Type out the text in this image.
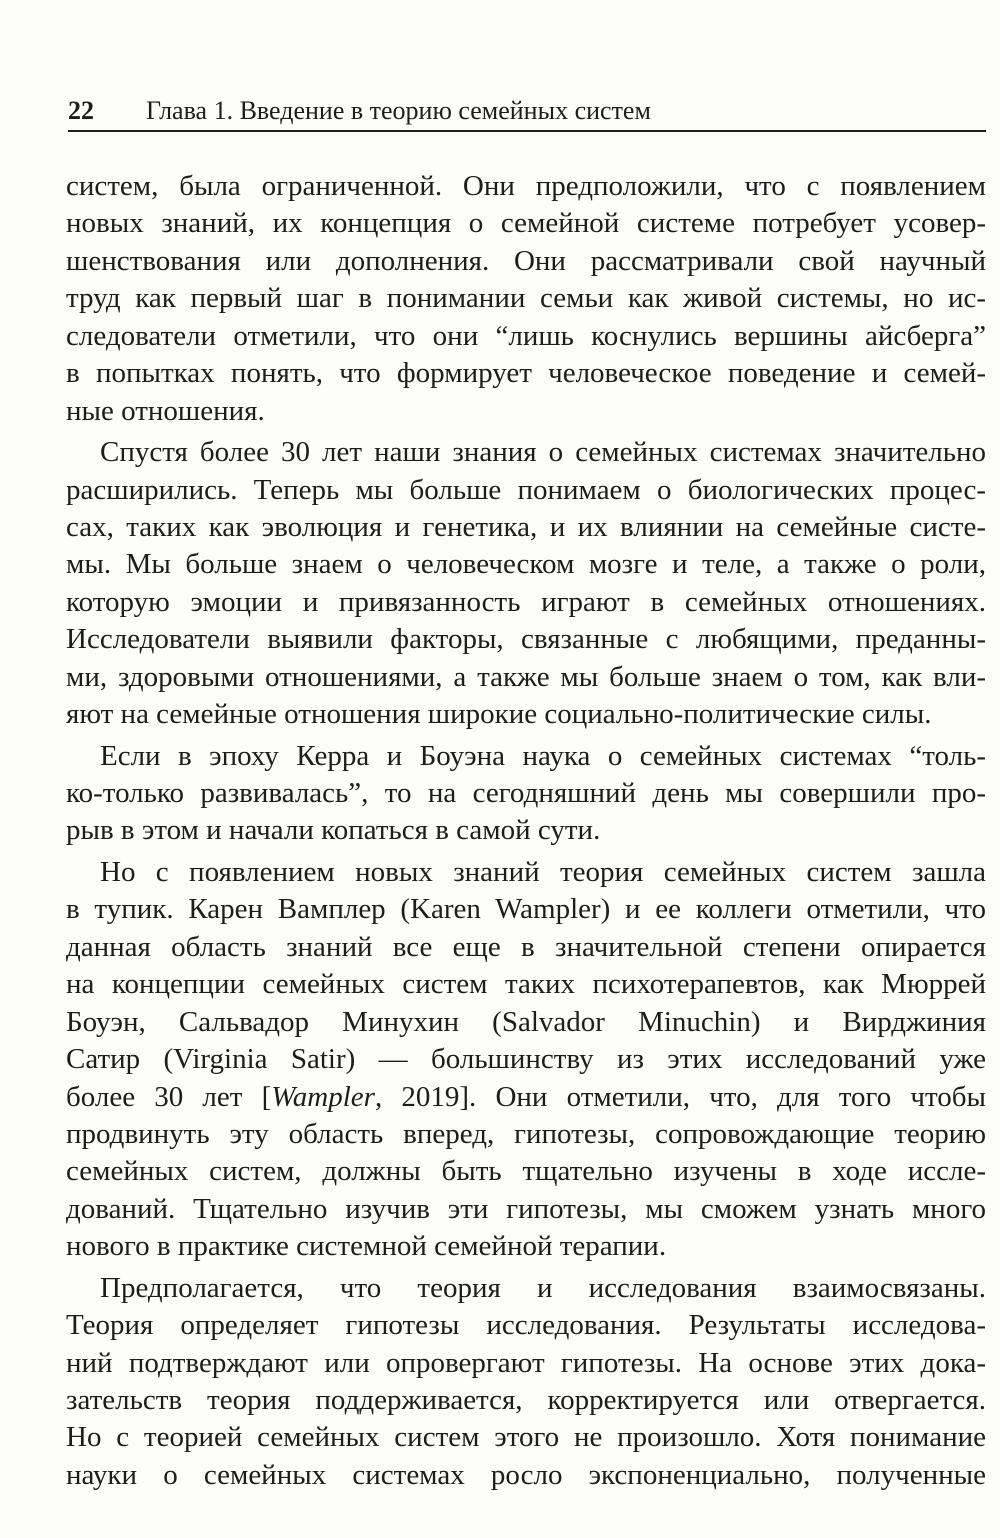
22 Глава 1. Введение в теорию семейных систем
систем, была ограниченной. Они предположили, что с появлением
новых знаний, их концепция о семейной системе потребует усовер-
шенствования или дополнения. Они рассматривали свой научный
труд как первый шаг в понимании семьи как живой системы, но ис-
следователи отметили, что они “лишь коснулись вершины айсберга”
в попытках понять, что формирует человеческое поведение и семей-
ные отношения.
Спустя более 30 лет наши знания о семейных системах значительно
расширились. Теперь мы больше понимаем о биологических процес-
сах, таких как эволюция и генетика, и их влиянии на семейные систе-
мы. Мы больше знаем о человеческом мозге и теле, а также о роли,
которую эмоции и привязанность играют в семейных отношениях.
Исследователи выявили факторы, связанные с любящими, преданны-
ми, здоровыми отношениями, а также мы больше знаем о том, как вли-
яют на семейные отношения широкие социально-политические силы.
Если в эпоху Керра и Боуэна наука о семейных системах “толь-
ко-только развивалась”, то на сегодняшний день мы совершили про-
рыв в этом и начали копаться в самой сути.
Но с появлением новых знаний теория семейных систем зашла
в тупик. Карен Вамплер (Karen Wampler) и ее коллеги отметили, что
данная область знаний все еще в значительной степени опирается
на концепции семейных систем таких психотерапевтов, как Мюррей
Боуэн, Сальвадор Минухин (Salvador Minuchin) и Вирджиния
Сатир (Virginia Satir) — большинству из этих исследований уже
более 30 лет [Wampler, 2019]. Они отметили, что, для того чтобы
продвинуть эту область вперед, гипотезы, сопровождающие теорию
семейных систем, должны быть тщательно изучены в ходе иссле-
дований. Тщательно изучив эти гипотезы, мы сможем узнать много
нового в практике системной семейной терапии.
Предполагается, что теория и исследования взаимосвязаны.
Теория определяет гипотезы исследования. Результаты исследова-
ний подтверждают или опровергают гипотезы. На основе этих дока-
зательств теория поддерживается, корректируется или отвергается.
Но с теорией семейных систем этого не произошло. Хотя понимание
науки о семейных системах росло экспоненциально, полученные
